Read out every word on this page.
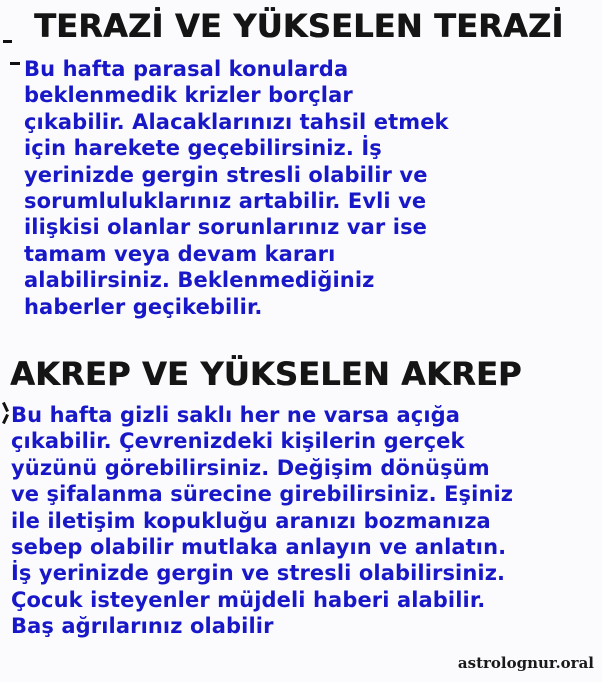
TERAZİ VE YÜKSELEN TERAZİ

Bu hafta parasal konularda
beklenmedik krizler borçlar
çıkabilir. Alacaklarınızı tahsil etmek
için harekete geçebilirsiniz. İş
yerinizde gergin stresli olabilir ve
sorumluluklarınız artabilir. Evli ve
ilişkisi olanlar sorunlarınız var ise
tamam veya devam kararı
alabilirsiniz. Beklenmediğiniz
haberler geçikebilir.

AKREP VE YÜKSELEN AKREP

Bu hafta gizli saklı her ne varsa açığa
çıkabilir. Çevrenizdeki kişilerin gerçek
yüzünü görebilirsiniz. Değişim dönüşüm
ve şifalanma sürecine girebilirsiniz. Eşiniz
ile iletişim kopukluğu aranızı bozmanıza
sebep olabilir mutlaka anlayın ve anlatın.
İş yerinizde gergin ve stresli olabilirsiniz.
Çocuk isteyenler müjdeli haberi alabilir.
Baş ağrılarınız olabilir

astrolognur.oral
